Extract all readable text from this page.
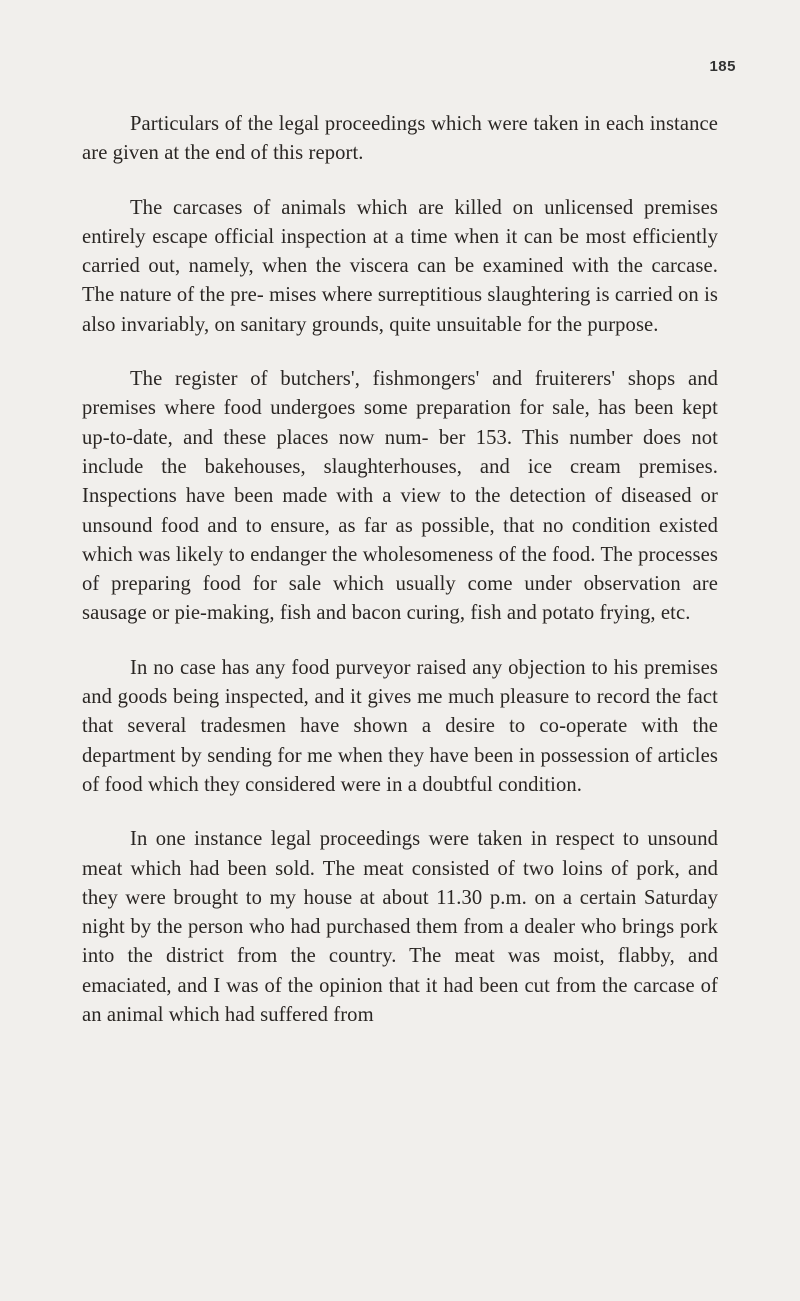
185

Particulars of the legal proceedings which were taken in each instance are given at the end of this report.

The carcases of animals which are killed on unlicensed premises entirely escape official inspection at a time when it can be most efficiently carried out, namely, when the viscera can be examined with the carcase. The nature of the pre- mises where surreptitious slaughtering is carried on is also invariably, on sanitary grounds, quite unsuitable for the purpose.

The register of butchers', fishmongers' and fruiterers' shops and premises where food undergoes some preparation for sale, has been kept up-to-date, and these places now num- ber 153. This number does not include the bakehouses, slaughterhouses, and ice cream premises. Inspections have been made with a view to the detection of diseased or unsound food and to ensure, as far as possible, that no condition existed which was likely to endanger the wholesomeness of the food. The processes of preparing food for sale which usually come under observation are sausage or pie-making, fish and bacon curing, fish and potato frying, etc.

In no case has any food purveyor raised any objection to his premises and goods being inspected, and it gives me much pleasure to record the fact that several tradesmen have shown a desire to co-operate with the department by sending for me when they have been in possession of articles of food which they considered were in a doubtful condition.

In one instance legal proceedings were taken in respect to unsound meat which had been sold. The meat consisted of two loins of pork, and they were brought to my house at about 11.30 p.m. on a certain Saturday night by the person who had purchased them from a dealer who brings pork into the district from the country. The meat was moist, flabby, and emaciated, and I was of the opinion that it had been cut from the carcase of an animal which had suffered from
